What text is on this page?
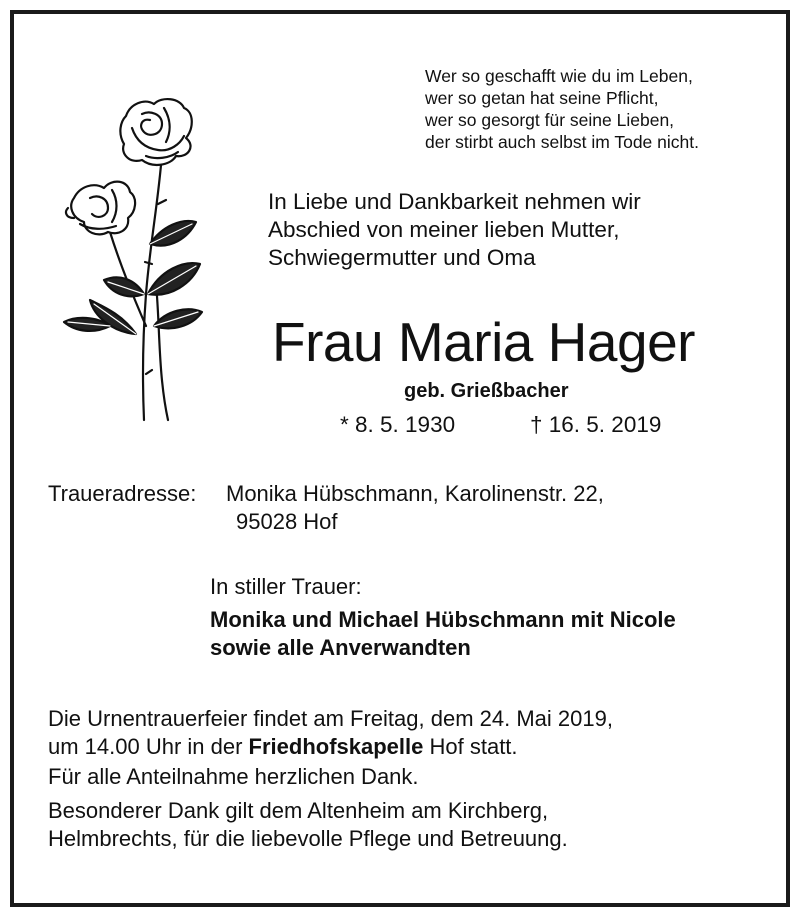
Wer so geschafft wie du im Leben,
wer so getan hat seine Pflicht,
wer so gesorgt für seine Lieben,
der stirbt auch selbst im Tode nicht.
In Liebe und Dankbarkeit nehmen wir
Abschied von meiner lieben Mutter,
Schwiegermutter und Oma
Frau Maria Hager
geb. Grießbacher
* 8. 5. 1930	† 16. 5. 2019
Traueradresse: Monika Hübschmann, Karolinenstr. 22,
95028 Hof
In stiller Trauer:
Monika und Michael Hübschmann mit Nicole
sowie alle Anverwandten
Die Urnentrauerfeier findet am Freitag, dem 24. Mai 2019,
um 14.00 Uhr in der Friedhofskapelle Hof statt.
Für alle Anteilnahme herzlichen Dank.
Besonderer Dank gilt dem Altenheim am Kirchberg,
Helmbrechts, für die liebevolle Pflege und Betreuung.
